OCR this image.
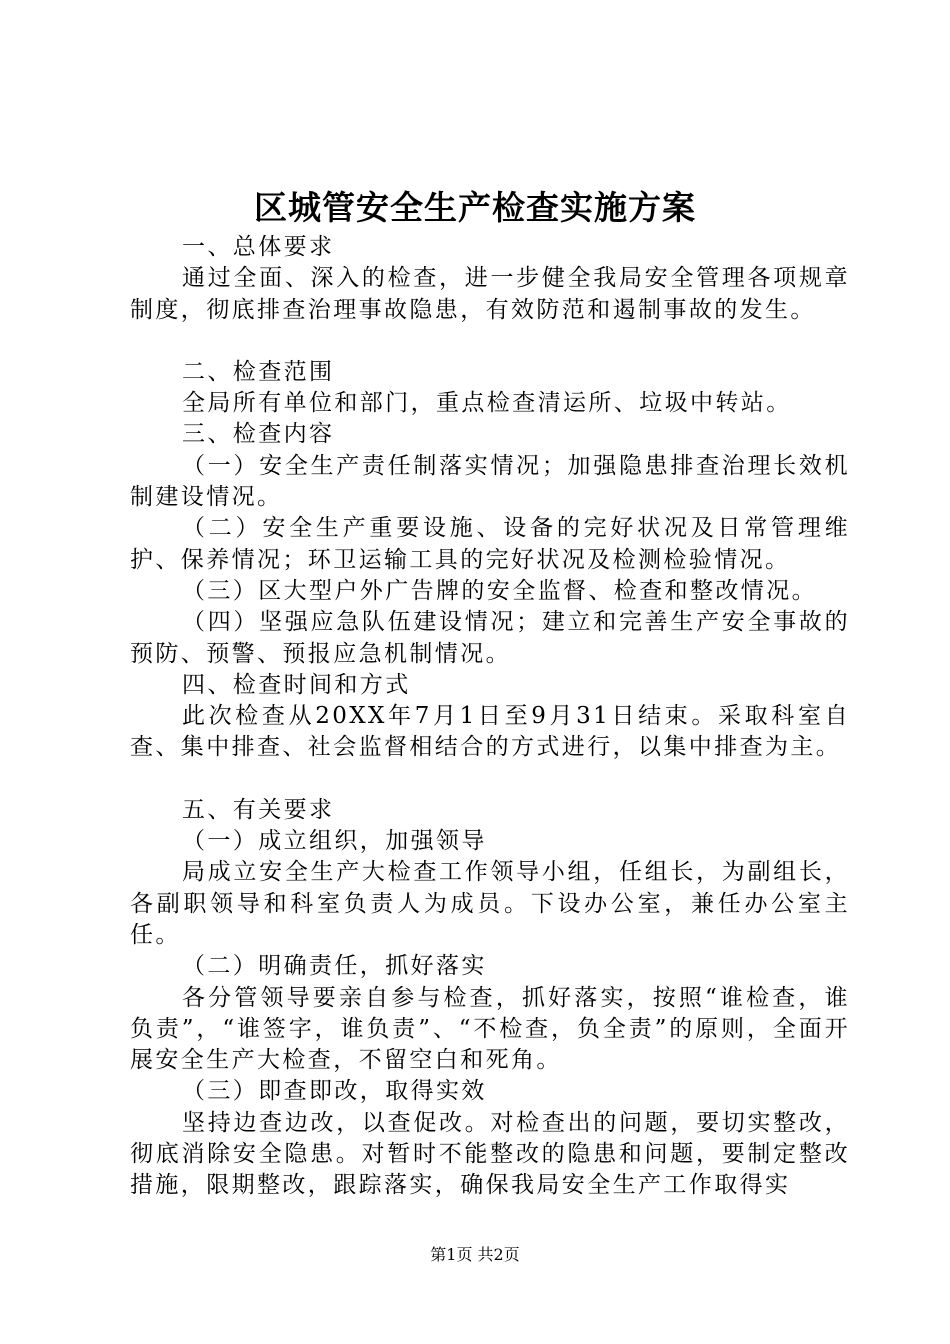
区城管安全生产检查实施方案

一、总体要求

通过全面、深入的检查，进一步健全我局安全管理各项规章制度，彻底排查治理事故隐患，有效防范和遏制事故的发生。

二、检查范围

全局所有单位和部门，重点检查清运所、垃圾中转站。

三、检查内容

（一）安全生产责任制落实情况；加强隐患排查治理长效机制建设情况。

（二）安全生产重要设施、设备的完好状况及日常管理维护、保养情况；环卫运输工具的完好状况及检测检验情况。

（三）区大型户外广告牌的安全监督、检查和整改情况。

（四）坚强应急队伍建设情况；建立和完善生产安全事故的预防、预警、预报应急机制情况。

四、检查时间和方式

此次检查从20XX年7月1日至9月31日结束。采取科室自查、集中排查、社会监督相结合的方式进行，以集中排查为主。

五、有关要求

（一）成立组织，加强领导

局成立安全生产大检查工作领导小组，任组长，为副组长，各副职领导和科室负责人为成员。下设办公室，兼任办公室主任。

（二）明确责任，抓好落实

各分管领导要亲自参与检查，抓好落实，按照“谁检查，谁负责”，“谁签字，谁负责”、“不检查，负全责”的原则，全面开展安全生产大检查，不留空白和死角。

（三）即查即改，取得实效

坚持边查边改，以查促改。对检查出的问题，要切实整改，彻底消除安全隐患。对暂时不能整改的隐患和问题，要制定整改措施，限期整改，跟踪落实，确保我局安全生产工作取得实

第1页 共2页
